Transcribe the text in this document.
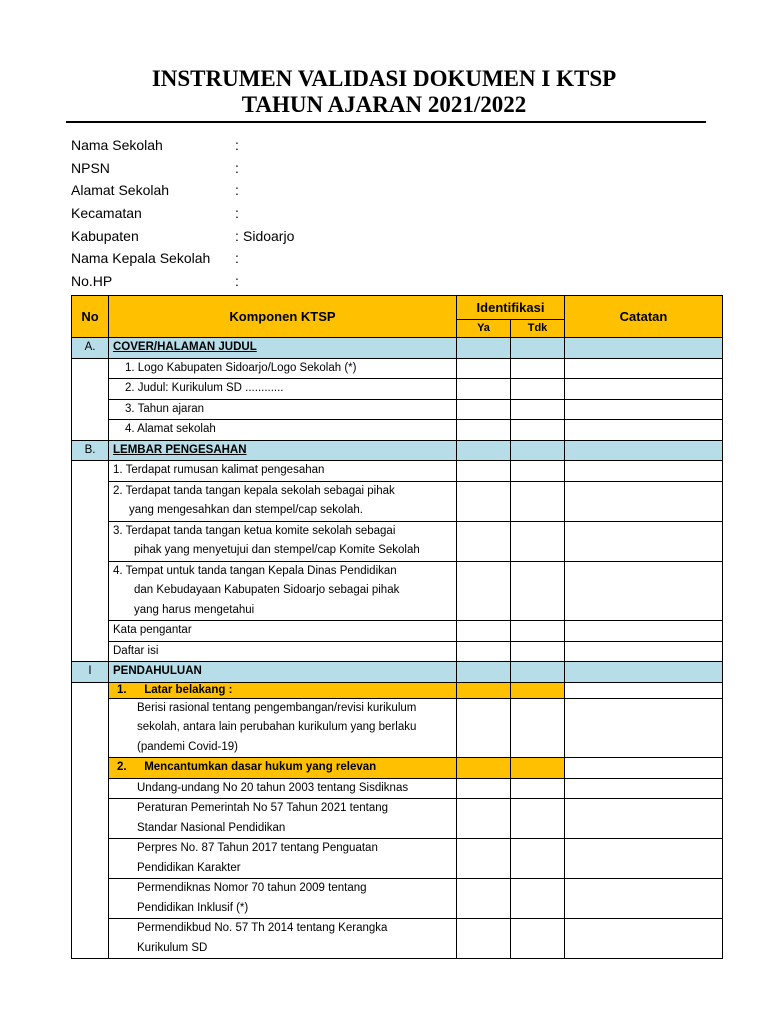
INSTRUMEN VALIDASI DOKUMEN I KTSP
TAHUN AJARAN 2021/2022
Nama Sekolah	:
NPSN	:
Alamat Sekolah	:
Kecamatan	:
Kabupaten	: Sidoarjo
Nama Kepala Sekolah :
No.HP	:
No	Komponen KTSP	Identifikasi		Catatan
		Ya	Tdk	
A.	COVER/HALAMAN JUDUL			
	1. Logo Kabupaten Sidoarjo/Logo Sekolah (*)			
	2. Judul: Kurikulum SD ............			
	3. Tahun ajaran			
	4. Alamat sekolah			
B.	LEMBAR PENGESAHAN			
	1. Terdapat rumusan kalimat pengesahan			

	2. Terdapat tanda tangan kepala sekolah sebagai pihak
yang mengesahkan dan stempel/cap sekolah.			

	3. Terdapat tanda tangan ketua komite sekolah sebagai
pihak yang menyetujui dan stempel/cap Komite Sekolah			

	4. Tempat untuk tanda tangan Kepala Dinas Pendidikan
dan Kebudayaan Kabupaten Sidoarjo sebagai pihak
yang harus mengetahui			

	Kata pengantar			
	Daftar isi			
I	PENDAHULUAN			
	1. Latar belakang :			

	Berisi rasional tentang pengembangan/revisi kurikulum
sekolah, antara lain perubahan kurikulum yang berlaku
(pandemi Covid-19)			

	2. Mencantumkan dasar hukum yang relevan			
	Undang-undang No 20 tahun 2003 tentang Sisdiknas			

	Peraturan Pemerintah No 57 Tahun 2021 tentang
Standar Nasional Pendidikan			

	Perpres No. 87 Tahun 2017 tentang Penguatan
Pendidikan Karakter			

	Permendiknas Nomor 70 tahun 2009 tentang
Pendidikan Inklusif (*)			

	Permendikbud No. 57 Th 2014 tentang Kerangka
Kurikulum SD			
